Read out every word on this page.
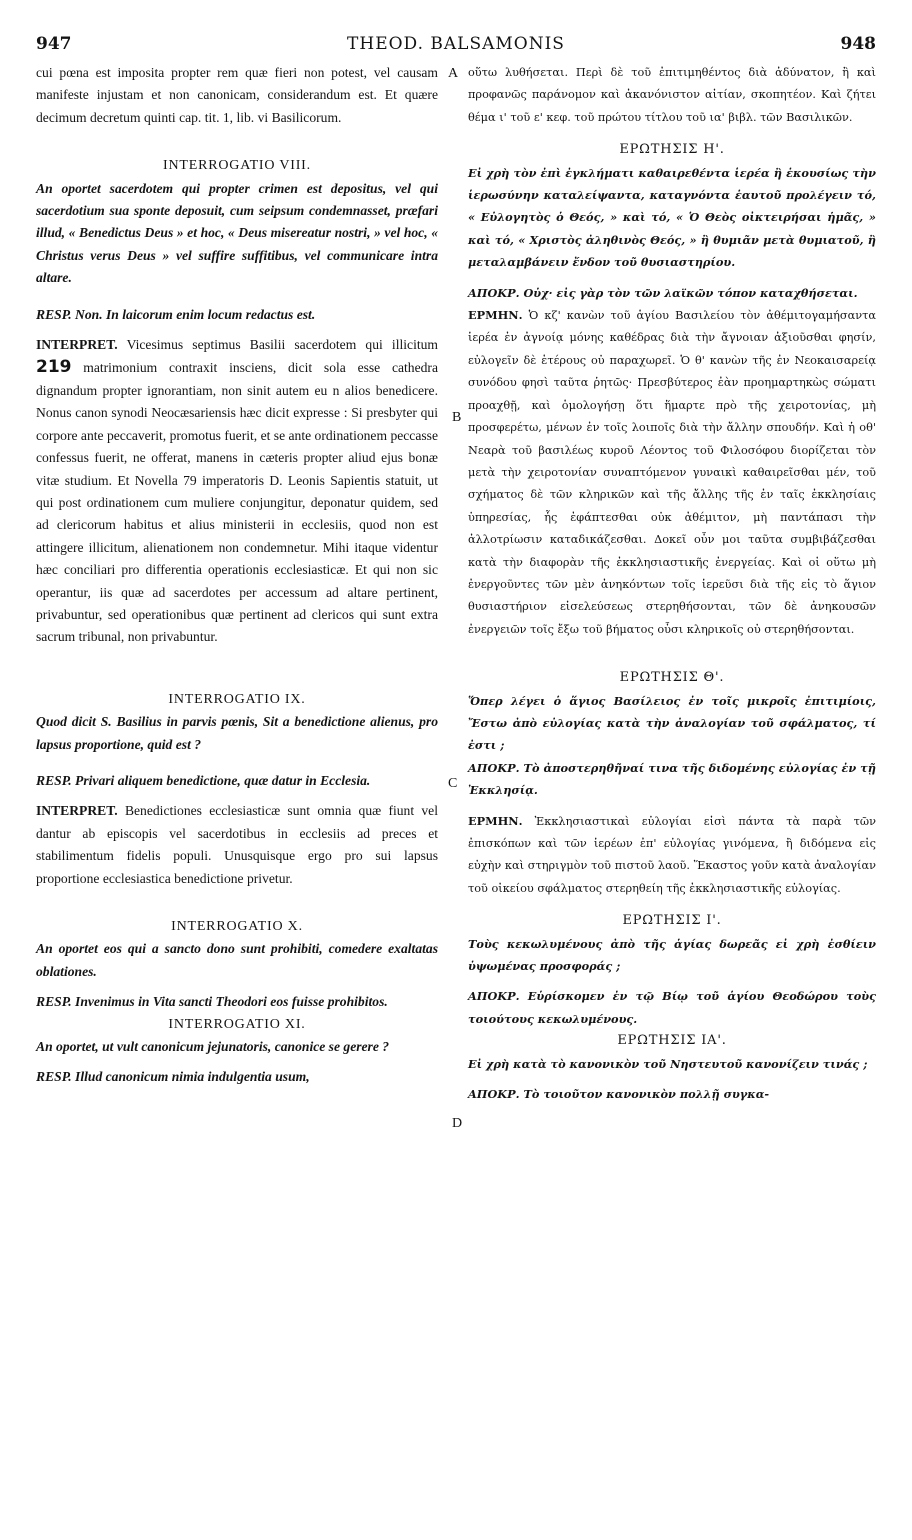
947	THEOD. BALSAMONIS	948
A
B
C
D

cui pœna est imposita propter rem quæ fieri non potest, vel causam manifeste injustam et non canonicam, considerandum est. Et quære decimum decretum quinti cap. tit. 1, lib. vi Basilicorum.

INTERROGATIO VIII.

An oportet sacerdotem qui propter crimen est depositus, vel qui sacerdotium sua sponte deposuit, cum seipsum condemnasset, præfari illud, « Benedictus Deus » et hoc, « Deus misereatur nostri, » vel hoc, « Christus verus Deus » vel suffire suffitibus, vel communicare intra altare.

RESP. Non. In laicorum enim locum redactus est.

INTERPRET. Vicesimus septimus Basilii sacerdotem qui illicitum 219 matrimonium contraxit insciens, dicit sola esse cathedra dignandum propter ignorantiam, non sinit autem eu n alios benedicere. Nonus canon synodi Neocæsariensis hæc dicit expresse : Si presbyter qui corpore ante peccaverit, promotus fuerit, et se ante ordinationem peccasse confessus fuerit, ne offerat, manens in cæteris propter aliud ejus bonæ vitæ studium. Et Novella 79 imperatoris D. Leonis Sapientis statuit, ut qui post ordinationem cum muliere conjungitur, deponatur quidem, sed ad clericorum habitus et alius ministerii in ecclesiis, quod non est attingere illicitum, alienationem non condemnetur. Mihi itaque videntur hæc conciliari pro differentia operationis ecclesiasticæ. Et qui non sic operantur, iis quæ ad sacerdotes per accessum ad altare pertinent, privabuntur, sed operationibus quæ pertinent ad clericos qui sunt extra sacrum tribunal, non privabuntur.

INTERROGATIO IX.

Quod dicit S. Basilius in parvis pœnis, Sit a benedictione alienus, pro lapsus proportione, quid est ?

RESP. Privari aliquem benedictione, quæ datur in Ecclesia.

INTERPRET. Benedictiones ecclesiasticæ sunt omnia quæ fiunt vel dantur ab episcopis vel sacerdotibus in ecclesiis ad preces et stabilimentum fidelis populi. Unusquisque ergo pro sui lapsus proportione ecclesiastica benedictione privetur.

INTERROGATIO X.

An oportet eos qui a sancto dono sunt prohibiti, comedere exaltatas oblationes.

RESP. Invenimus in Vita sancti Theodori eos fuisse prohibitos.

INTERROGATIO XI.

An oportet, ut vult canonicum jejunatoris, canonice se gerere ?

RESP. Illud canonicum nimia indulgentia usum,

οὕτω λυθήσεται. Περὶ δὲ τοῦ ἐπιτιμηθέντος διὰ ἀδύνατον, ἢ καὶ προφανῶς παράνομον καὶ ἀκανόνιστον αἰτίαν, σκοπητέον. Καὶ ζήτει θέμα ι' τοῦ ε' κεφ. τοῦ πρώτου τίτλου τοῦ ια' βιβλ. τῶν Βασιλικῶν.

ΕΡΩΤΗΣΙΣ Η'.

Εἰ χρὴ τὸν ἐπὶ ἐγκλήματι καθαιρεθέντα ἱερέα ἢ ἑκουσίως τὴν ἱερωσύνην καταλείψαντα, καταγνόντα ἑαυτοῦ προλέγειν τό, « Εὐλογητὸς ὁ Θεός, » καὶ τό, « Ὁ Θεὸς οἰκτειρήσαι ἡμᾶς, » καὶ τό, « Χριστὸς ἀληθινὸς Θεός, » ἢ θυμιᾶν μετὰ θυμιατοῦ, ἢ μεταλαμβάνειν ἔνδον τοῦ θυσιαστηρίου.

ΑΠΟΚΡ. Οὐχ· εἰς γὰρ τὸν τῶν λαϊκῶν τόπον καταχθήσεται.

ΕΡΜΗΝ. Ὁ κζ' κανὼν τοῦ ἁγίου Βασιλείου τὸν ἀθέμιτογαμήσαντα ἱερέα ἐν ἀγνοίᾳ μόνης καθέδρας διὰ τὴν ἄγνοιαν ἀξιοῦσθαι φησίν, εὐλογεῖν δὲ ἑτέρους οὐ παραχωρεῖ. Ὁ θ' κανὼν τῆς ἐν Νεοκαισαρείᾳ συνόδου φησὶ ταῦτα ῥητῶς· Πρεσβύτερος ἐὰν προημαρτηκὼς σώματι προαχθῇ, καὶ ὁμολογήσῃ ὅτι ἥμαρτε πρὸ τῆς χειροτονίας, μὴ προσφερέτω, μένων ἐν τοῖς λοιποῖς διὰ τὴν ἄλλην σπουδήν. Καὶ ἡ οθ' Νεαρὰ τοῦ βασιλέως κυροῦ Λέοντος τοῦ Φιλοσόφου διορίζεται τὸν μετὰ τὴν χειροτονίαν συναπτόμενον γυναικὶ καθαιρεῖσθαι μέν, τοῦ σχήματος δὲ τῶν κληρικῶν καὶ τῆς ἄλλης τῆς ἐν ταῖς ἐκκλησίαις ὑπηρεσίας, ἧς ἐφάπτεσθαι οὐκ ἀθέμιτον, μὴ παντάπασι τὴν ἀλλοτρίωσιν καταδικάζεσθαι. Δοκεῖ οὖν μοι ταῦτα συμβιβάζεσθαι κατὰ τὴν διαφορὰν τῆς ἐκκλησιαστικῆς ἐνεργείας. Καὶ οἱ οὕτω μὴ ἐνεργοῦντες τῶν μὲν ἀνηκόντων τοῖς ἱερεῦσι διὰ τῆς εἰς τὸ ἅγιον θυσιαστήριον εἰσελεύσεως στερηθήσονται, τῶν δὲ ἀνηκουσῶν ἐνεργειῶν τοῖς ἔξω τοῦ βήματος οὖσι κληρικοῖς οὐ στερηθήσονται.

ΕΡΩΤΗΣΙΣ Θ'.

Ὅπερ λέγει ὁ ἅγιος Βασίλειος ἐν τοῖς μικροῖς ἐπιτιμίοις, Ἔστω ἀπὸ εὐλογίας κατὰ τὴν ἀναλογίαν τοῦ σφάλματος, τί ἐστι ;

ΑΠΟΚΡ. Τὸ ἀποστερηθῆναί τινα τῆς διδομένης εὐλογίας ἐν τῇ Ἐκκλησίᾳ.

ΕΡΜΗΝ. Ἐκκλησιαστικαὶ εὐλογίαι εἰσὶ πάντα τὰ παρὰ τῶν ἐπισκόπων καὶ τῶν ἱερέων ἐπ' εὐλογίας γινόμενα, ἢ διδόμενα εἰς εὐχὴν καὶ στηριγμὸν τοῦ πιστοῦ λαοῦ. Ἕκαστος γοῦν κατὰ ἀναλογίαν τοῦ οἰκείου σφάλματος στερηθείη τῆς ἐκκλησιαστικῆς εὐλογίας.

ΕΡΩΤΗΣΙΣ Ι'.

Τοὺς κεκωλυμένους ἀπὸ τῆς ἁγίας δωρεᾶς εἰ χρὴ ἐσθίειν ὑψωμένας προσφοράς ;

ΑΠΟΚΡ. Εὑρίσκομεν ἐν τῷ Βίῳ τοῦ ἁγίου Θεοδώρου τοὺς τοιούτους κεκωλυμένους.

ΕΡΩΤΗΣΙΣ ΙΑ'.

Εἰ χρὴ κατὰ τὸ κανονικὸν τοῦ Νηστευτοῦ κανονίζειν τινάς ;

ΑΠΟΚΡ. Τὸ τοιοῦτον κανονικὸν πολλῇ συγκα-
